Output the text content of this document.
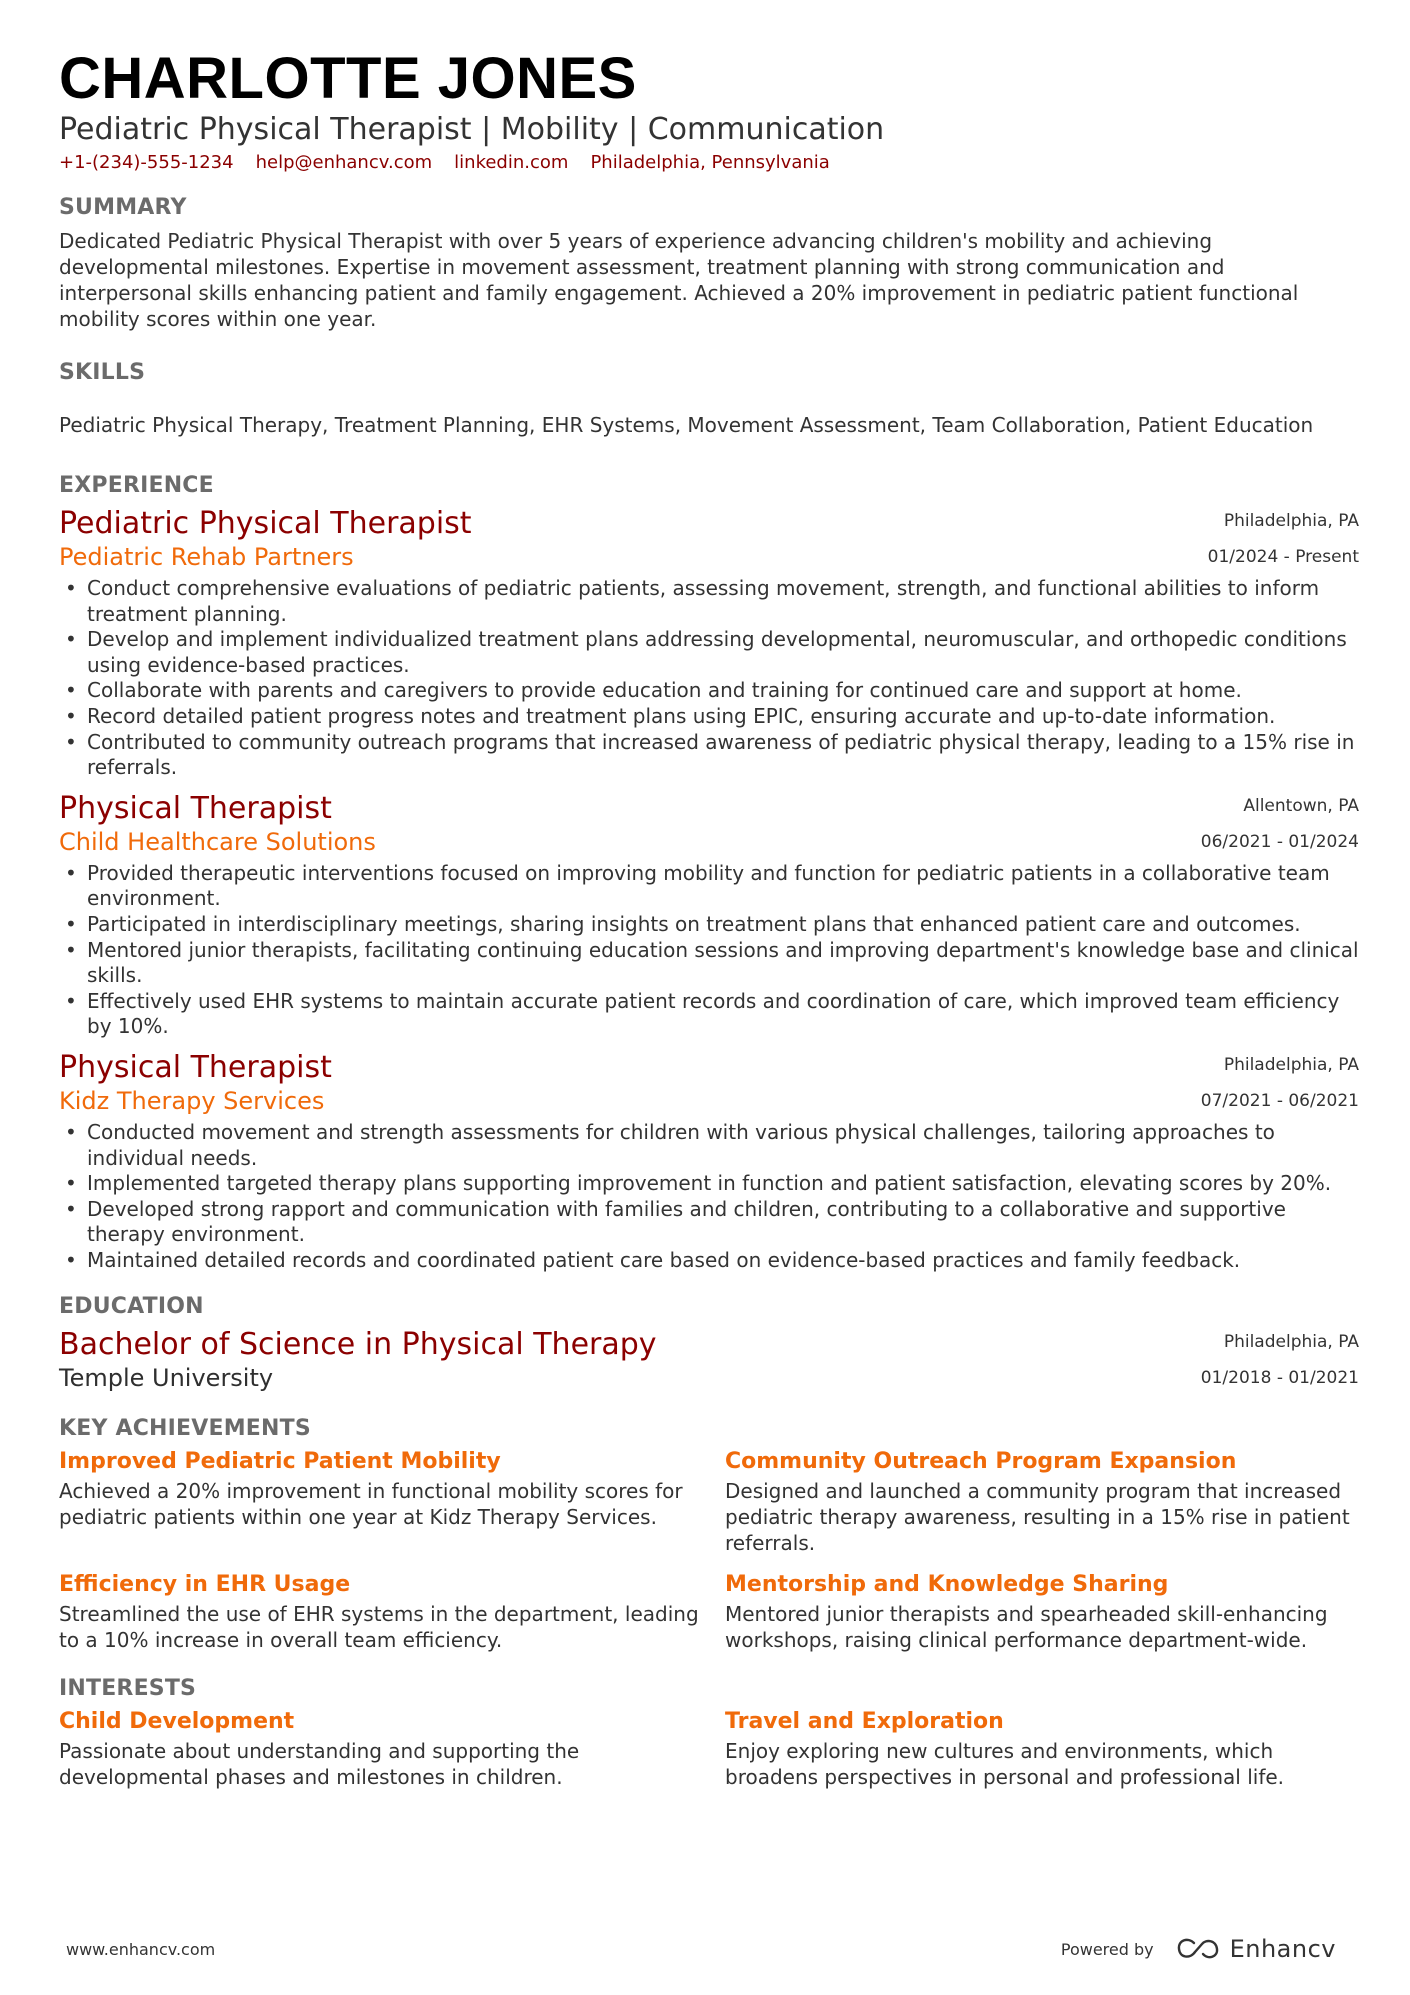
CHARLOTTE JONES
Pediatric Physical Therapist | Mobility | Communication
+1-(234)-555-1234 help@enhancv.com linkedin.com Philadelphia, Pennsylvania
SUMMARY
Dedicated Pediatric Physical Therapist with over 5 years of experience advancing children's mobility and achieving developmental milestones. Expertise in movement assessment, treatment planning with strong communication and interpersonal skills enhancing patient and family engagement. Achieved a 20% improvement in pediatric patient functional mobility scores within one year.
SKILLS
Pediatric Physical Therapy, Treatment Planning, EHR Systems, Movement Assessment, Team Collaboration, Patient Education
EXPERIENCE
Pediatric Physical Therapist
Pediatric Rehab Partners
Philadelphia, PA
01/2024 - Present
• Conduct comprehensive evaluations of pediatric patients, assessing movement, strength, and functional abilities to inform treatment planning.
• Develop and implement individualized treatment plans addressing developmental, neuromuscular, and orthopedic conditions using evidence-based practices.
• Collaborate with parents and caregivers to provide education and training for continued care and support at home.
• Record detailed patient progress notes and treatment plans using EPIC, ensuring accurate and up-to-date information.
• Contributed to community outreach programs that increased awareness of pediatric physical therapy, leading to a 15% rise in referrals.
Physical Therapist
Child Healthcare Solutions
Allentown, PA
06/2021 - 01/2024
• Provided therapeutic interventions focused on improving mobility and function for pediatric patients in a collaborative team environment.
• Participated in interdisciplinary meetings, sharing insights on treatment plans that enhanced patient care and outcomes.
• Mentored junior therapists, facilitating continuing education sessions and improving department's knowledge base and clinical skills.
• Effectively used EHR systems to maintain accurate patient records and coordination of care, which improved team efficiency by 10%.
Physical Therapist
Kidz Therapy Services
Philadelphia, PA
07/2021 - 06/2021
• Conducted movement and strength assessments for children with various physical challenges, tailoring approaches to individual needs.
• Implemented targeted therapy plans supporting improvement in function and patient satisfaction, elevating scores by 20%.
• Developed strong rapport and communication with families and children, contributing to a collaborative and supportive therapy environment.
• Maintained detailed records and coordinated patient care based on evidence-based practices and family feedback.
EDUCATION
Bachelor of Science in Physical Therapy
Temple University
Philadelphia, PA
01/2018 - 01/2021
KEY ACHIEVEMENTS
Improved Pediatric Patient Mobility
Achieved a 20% improvement in functional mobility scores for pediatric patients within one year at Kidz Therapy Services.
Community Outreach Program Expansion
Designed and launched a community program that increased pediatric therapy awareness, resulting in a 15% rise in patient referrals.
Efficiency in EHR Usage
Streamlined the use of EHR systems in the department, leading to a 10% increase in overall team efficiency.
Mentorship and Knowledge Sharing
Mentored junior therapists and spearheaded skill-enhancing workshops, raising clinical performance department-wide.
INTERESTS
Child Development
Passionate about understanding and supporting the developmental phases and milestones in children.
Travel and Exploration
Enjoy exploring new cultures and environments, which broadens perspectives in personal and professional life.
www.enhancv.com	Powered by	Enhancv
